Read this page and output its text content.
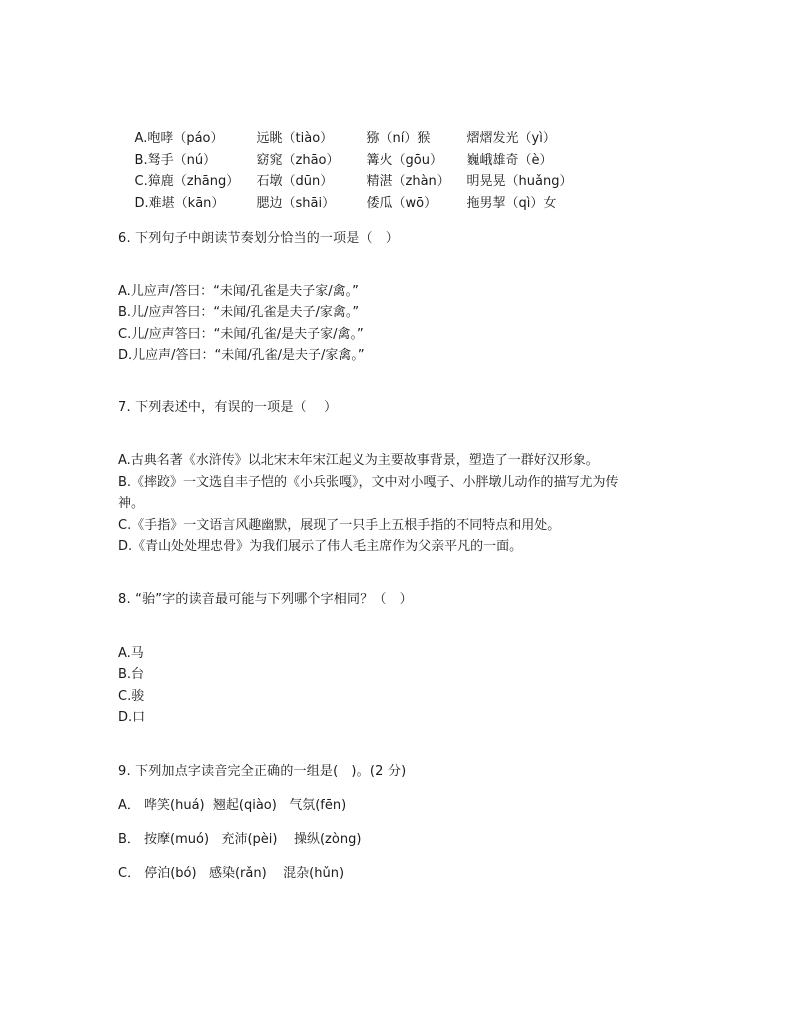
A.咆哮（páo）	远眺（tiào）	猕（ní）猴	熠熠发光（yì）

B.驽手（nú）	窈窕（zhāo） 篝火（gōu） 巍峨雄奇（è）

C.獐鹿（zhāng） 石墩（dūn）	精湛（zhàn） 明晃晃（huǎng）

D.难堪（kān） 腮边（shāi） 倭瓜（wō） 拖男挈（qì）女

6. 下列句子中朗读节奏划分恰当的一项是（   ）
A.儿应声/答曰：“未闻/孔雀是夫子家/禽。”
B.儿/应声答曰：“未闻/孔雀是夫子/家禽。”
C.儿/应声答曰：“未闻/孔雀/是夫子家/禽。”
D.儿应声/答曰：“未闻/孔雀/是夫子/家禽。”
7. 下列表述中，有误的一项是（    ）
A.古典名著《水浒传》以北宋末年宋江起义为主要故事背景，塑造了一群好汉形象。
B.《摔跤》一文选自丰子恺的《小兵张嘎》，文中对小嘎子、小胖墩儿动作的描写尤为传
神。
C.《手指》一文语言风趣幽默，展现了一只手上五根手指的不同特点和用处。
D.《青山处处埋忠骨》为我们展示了伟人毛主席作为父亲平凡的一面。
8. “骀”字的读音最可能与下列哪个字相同？（   ）
A.马
B.台
C.骏
D.口
9. 下列加点字读音完全正确的一组是(   )。(2 分)
A． 哗笑(huá)  翘起(qiào)   气氛(fēn)
B． 按摩(muó)   充沛(pèi)    操纵(zòng)
C． 停泊(bó)   感染(rǎn)    混杂(hǔn)
